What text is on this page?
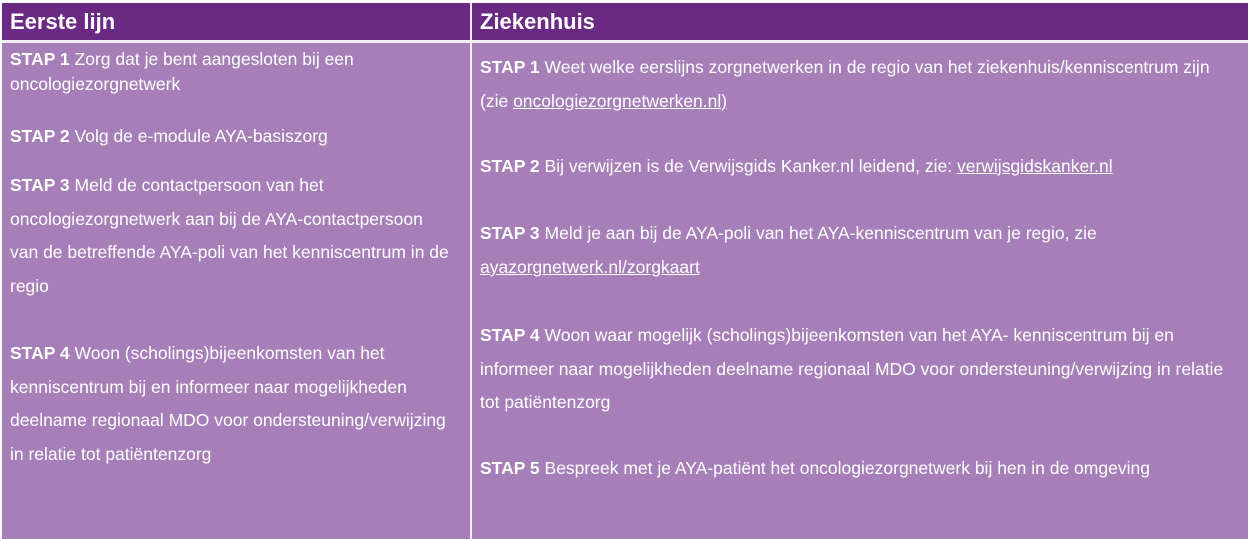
Eerste lijn	Ziekenhuis

STAP 1 Zorg dat je bent aangesloten bij een oncologiezorgnetwerk

STAP 2 Volg de e-module AYA-basiszorg

STAP 3 Meld de contactpersoon van het oncologiezorgnetwerk aan bij de AYA-contactpersoon van de betreffende AYA-poli van het kenniscentrum in de regio

STAP 4 Woon (scholings)bijeenkomsten van het kenniscentrum bij en informeer naar mogelijkheden deelname regionaal MDO voor ondersteuning/verwijzing in relatie tot patiëntenzorg

STAP 1 Weet welke eerslijns zorgnetwerken in de regio van het ziekenhuis/kenniscentrum zijn (zie oncologiezorgnetwerken.nl)

STAP 2 Bij verwijzen is de Verwijsgids Kanker.nl leidend, zie: verwijsgidskanker.nl

STAP 3 Meld je aan bij de AYA-poli van het AYA-kenniscentrum van je regio, zie ayazorgnetwerk.nl/zorgkaart

STAP 4 Woon waar mogelijk (scholings)bijeenkomsten van het AYA- kenniscentrum bij en informeer naar mogelijkheden deelname regionaal MDO voor ondersteuning/verwijzing in relatie tot patiëntenzorg

STAP 5 Bespreek met je AYA-patiënt het oncologiezorgnetwerk bij hen in de omgeving
